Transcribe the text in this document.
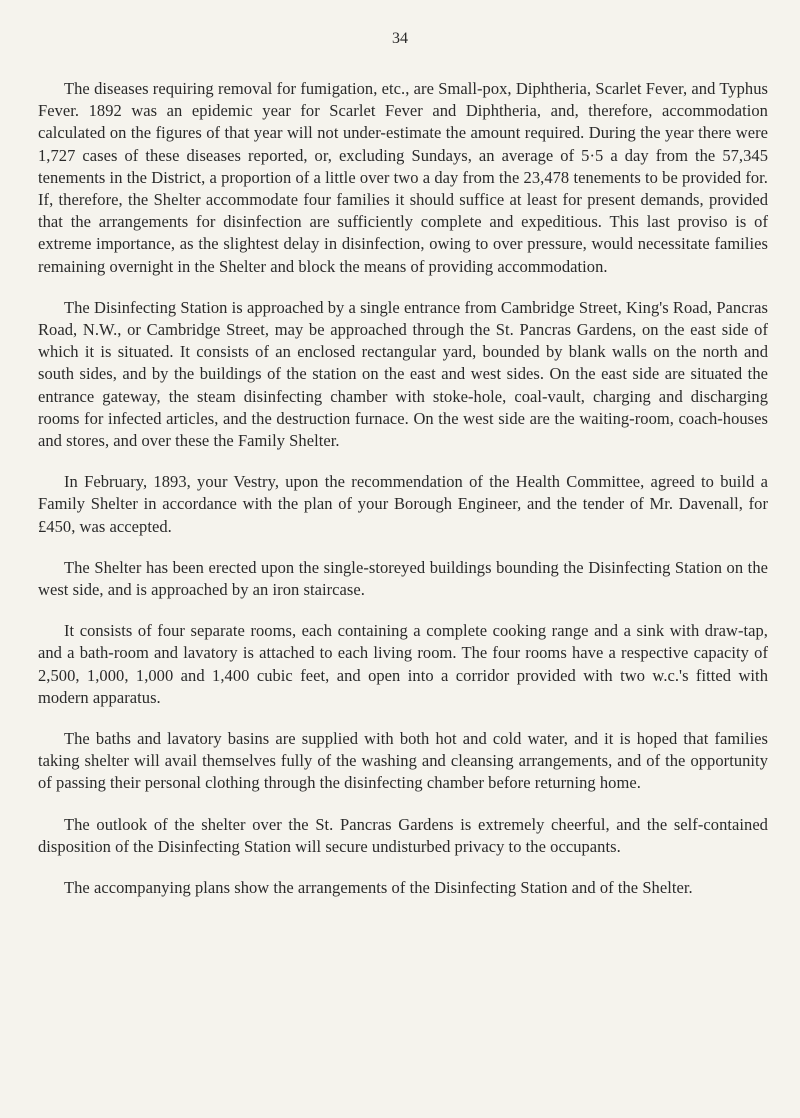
34

The diseases requiring removal for fumigation, etc., are Small-pox, Diphtheria, Scarlet Fever, and Typhus Fever. 1892 was an epidemic year for Scarlet Fever and Diphtheria, and, therefore, accommodation calculated on the figures of that year will not under-estimate the amount required. During the year there were 1,727 cases of these diseases reported, or, excluding Sundays, an average of 5·5 a day from the 57,345 tenements in the District, a proportion of a little over two a day from the 23,478 tenements to be provided for. If, therefore, the Shelter accommodate four families it should suffice at least for present demands, provided that the arrangements for disinfection are sufficiently complete and expeditious. This last proviso is of extreme importance, as the slightest delay in disinfection, owing to over pressure, would necessitate families remaining overnight in the Shelter and block the means of providing accommodation.

The Disinfecting Station is approached by a single entrance from Cambridge Street, King's Road, Pancras Road, N.W., or Cambridge Street, may be approached through the St. Pancras Gardens, on the east side of which it is situated. It consists of an enclosed rectangular yard, bounded by blank walls on the north and south sides, and by the buildings of the station on the east and west sides. On the east side are situated the entrance gateway, the steam disinfecting chamber with stoke-hole, coal-vault, charging and discharging rooms for infected articles, and the destruction furnace. On the west side are the waiting-room, coach-houses and stores, and over these the Family Shelter.

In February, 1893, your Vestry, upon the recommendation of the Health Committee, agreed to build a Family Shelter in accordance with the plan of your Borough Engineer, and the tender of Mr. Davenall, for £450, was accepted.

The Shelter has been erected upon the single-storeyed buildings bounding the Disinfecting Station on the west side, and is approached by an iron staircase.

It consists of four separate rooms, each containing a complete cooking range and a sink with draw-tap, and a bath-room and lavatory is attached to each living room. The four rooms have a respective capacity of 2,500, 1,000, 1,000 and 1,400 cubic feet, and open into a corridor provided with two w.c.'s fitted with modern apparatus.

The baths and lavatory basins are supplied with both hot and cold water, and it is hoped that families taking shelter will avail themselves fully of the washing and cleansing arrangements, and of the opportunity of passing their personal clothing through the disinfecting chamber before returning home.

The outlook of the shelter over the St. Pancras Gardens is extremely cheerful, and the self-contained disposition of the Disinfecting Station will secure undisturbed privacy to the occupants.

The accompanying plans show the arrangements of the Disinfecting Station and of the Shelter.
